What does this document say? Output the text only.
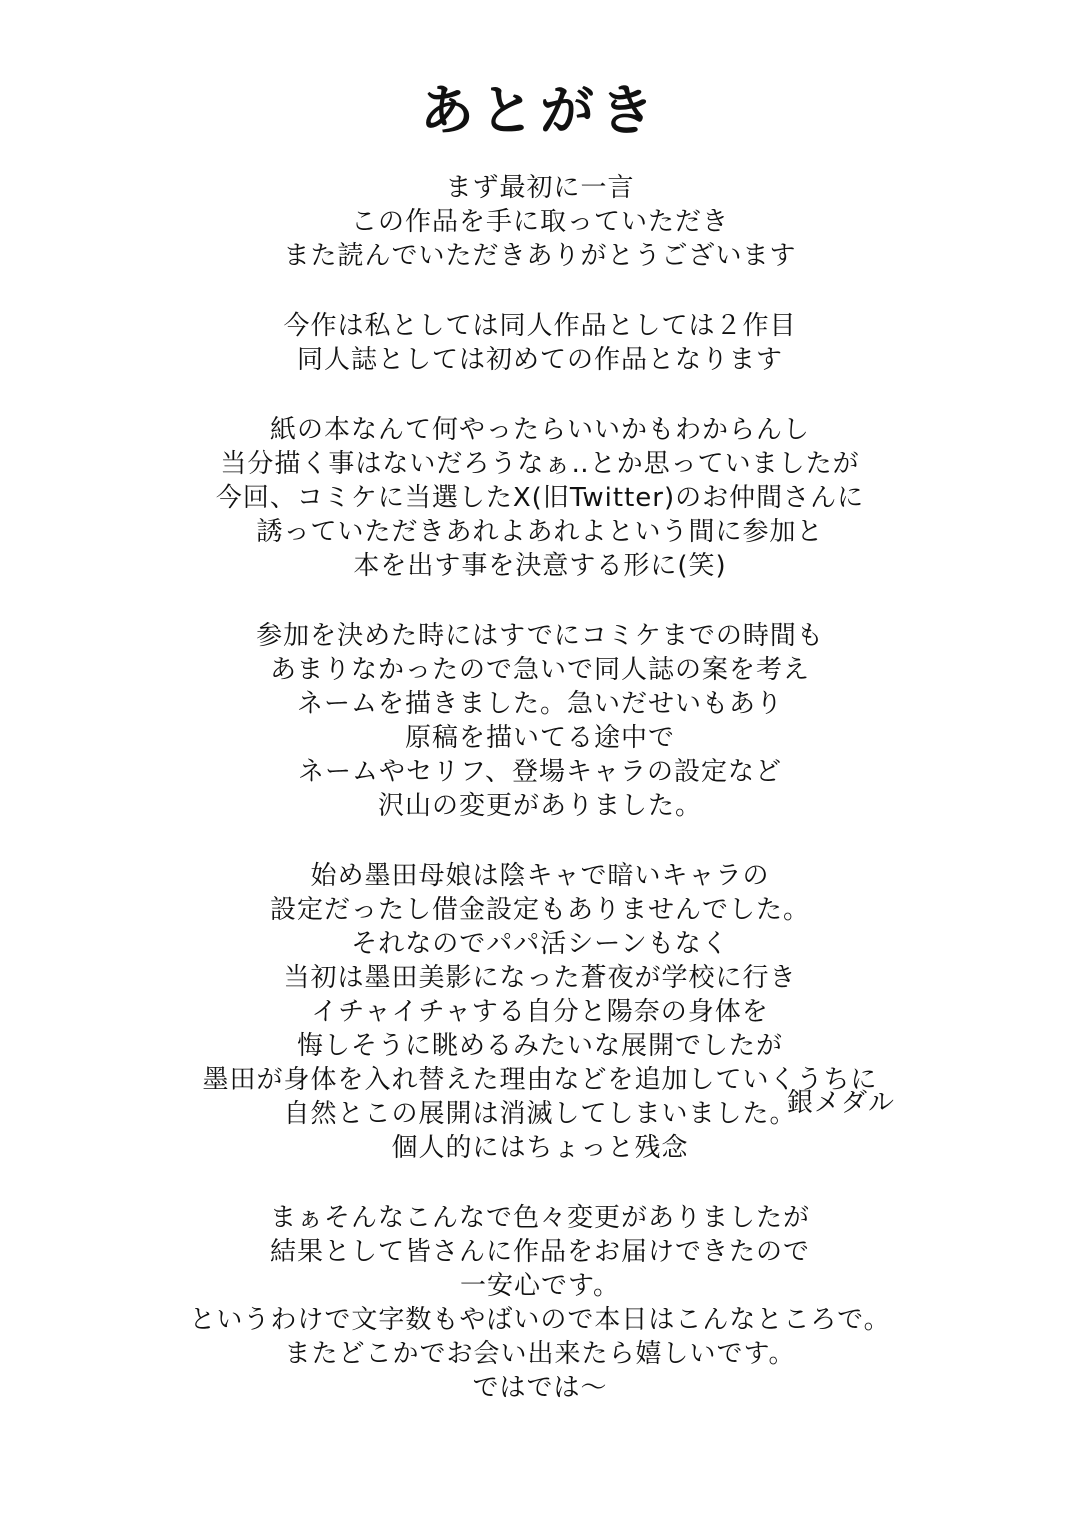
あとがき
まず最初に一言
この作品を手に取っていただき
また読んでいただきありがとうございます
今作は私としては同人作品としては２作目
同人誌としては初めての作品となります
紙の本なんて何やったらいいかもわからんし
当分描く事はないだろうなぁ‥とか思っていましたが
今回、コミケに当選したX(旧Twitter)のお仲間さんに
誘っていただきあれよあれよという間に参加と
本を出す事を決意する形に(笑)
参加を決めた時にはすでにコミケまでの時間も
あまりなかったので急いで同人誌の案を考え
ネームを描きました。急いだせいもあり
原稿を描いてる途中で
ネームやセリフ、登場キャラの設定など
沢山の変更がありました。
始め墨田母娘は陰キャで暗いキャラの
設定だったし借金設定もありませんでした。
それなのでパパ活シーンもなく
当初は墨田美影になった蒼夜が学校に行き
イチャイチャする自分と陽奈の身体を
悔しそうに眺めるみたいな展開でしたが
墨田が身体を入れ替えた理由などを追加していくうちに
自然とこの展開は消滅してしまいました。
個人的にはちょっと残念
まぁそんなこんなで色々変更がありましたが
結果として皆さんに作品をお届けできたので
一安心です。
というわけで文字数もやばいので本日はこんなところで。
またどこかでお会い出来たら嬉しいです。
ではでは〜
銀メダル
